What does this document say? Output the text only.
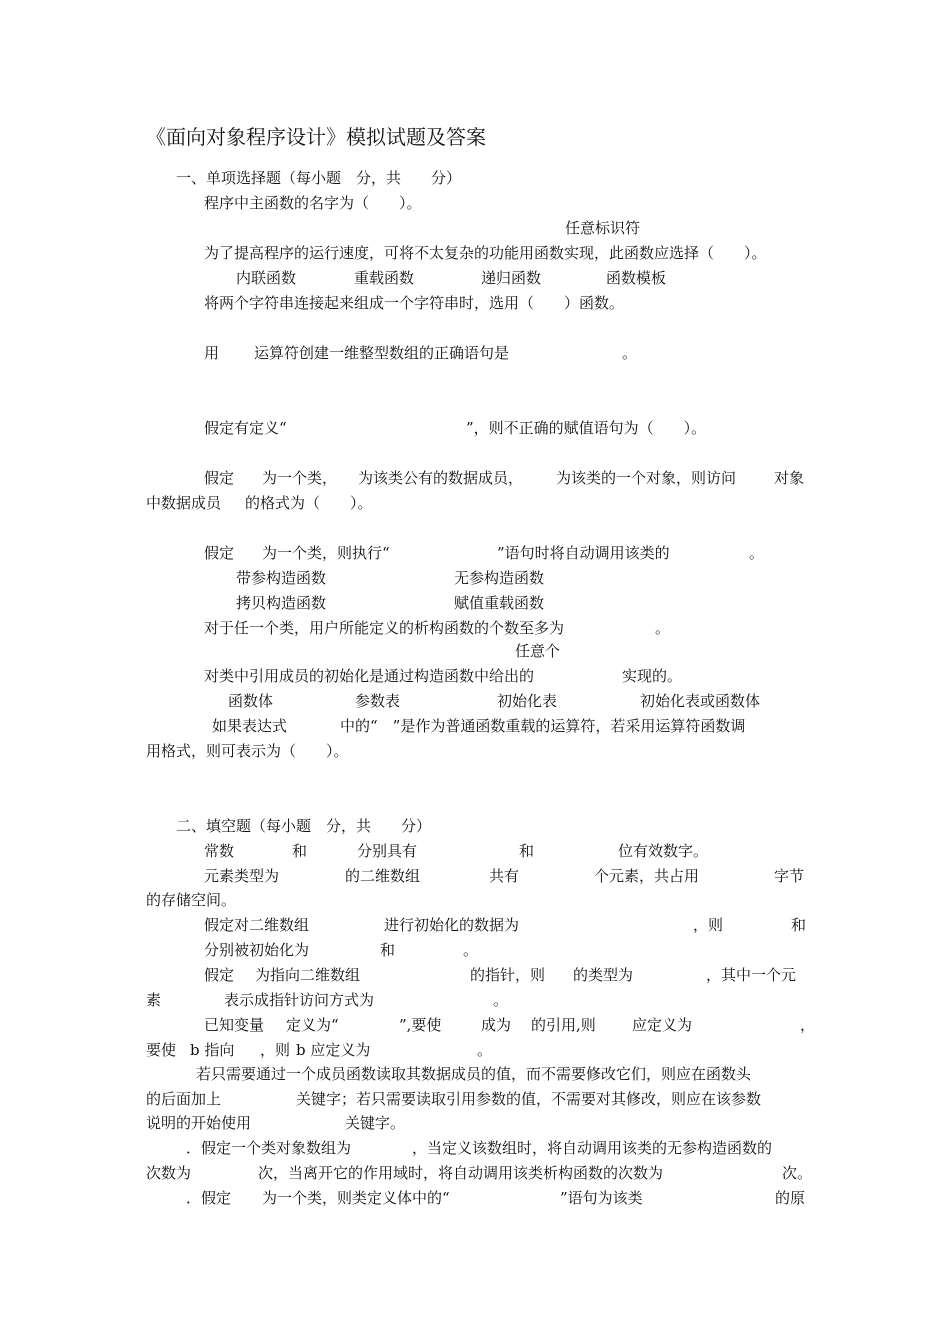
《面向对象程序设计》模拟试题及答案
一、单项选择题（每小题　分，共　　分）
程序中主函数的名字为（　　）。
任意标识符
为了提高程序的运行速度，可将不太复杂的功能用函数实现，此函数应选择（　　）。
内联函数	重载函数	递归函数	函数模板
将两个字符串连接起来组成一个字符串时，选用（　　）函数。
用 运算符创建一维整型数组的正确语句是	。
假定有定义“	”，则不正确的赋值语句为（　　）。
假定 为一个类， 为该类公有的数据成员， 为该类的一个对象，则访问	对象
中数据成员 的格式为（　　）。
假定 为一个类，则执行“	”语句时将自动调用该类的	。
带参构造函数	无参构造函数
拷贝构造函数	赋值重载函数
对于任一个类，用户所能定义的析构函数的个数至多为	。
任意个
对类中引用成员的初始化是通过构造函数中给出的	实现的。
函数体	参数表	初始化表	初始化表或函数体
如果表达式	中的“　”是作为普通函数重载的运算符，若采用运算符函数调
用格式，则可表示为（　　）。
二、填空题（每小题　分，共　　分）
常数	和	分别具有	和	位有效数字。
元素类型为	的二维数组	共有	个元素，共占用	字节
的存储空间。
假定对二维数组	进行初始化的数据为	，则	和
分别被初始化为	和	。
假定 为指向二维数组	的指针，则 的类型为	，其中一个元
素	表示成指针访问方式为	。
已知变量 定义为“	”,要使	成为 的引用,则 应定义为	，
要使 b 指向 ，则 b 应定义为	。
若只需要通过一个成员函数读取其数据成员的值，而不需要修改它们，则应在函数头
的后面加上	关键字；若只需要读取引用参数的值，不需要对其修改，则应在该参数
说明的开始使用	关键字。
．假定一个类对象数组为	，当定义该数组时，将自动调用该类的无参构造函数的
次数为	次，当离开它的作用域时，将自动调用该类析构函数的次数为	次。
．假定 为一个类，则类定义体中的“	”语句为该类	的原
